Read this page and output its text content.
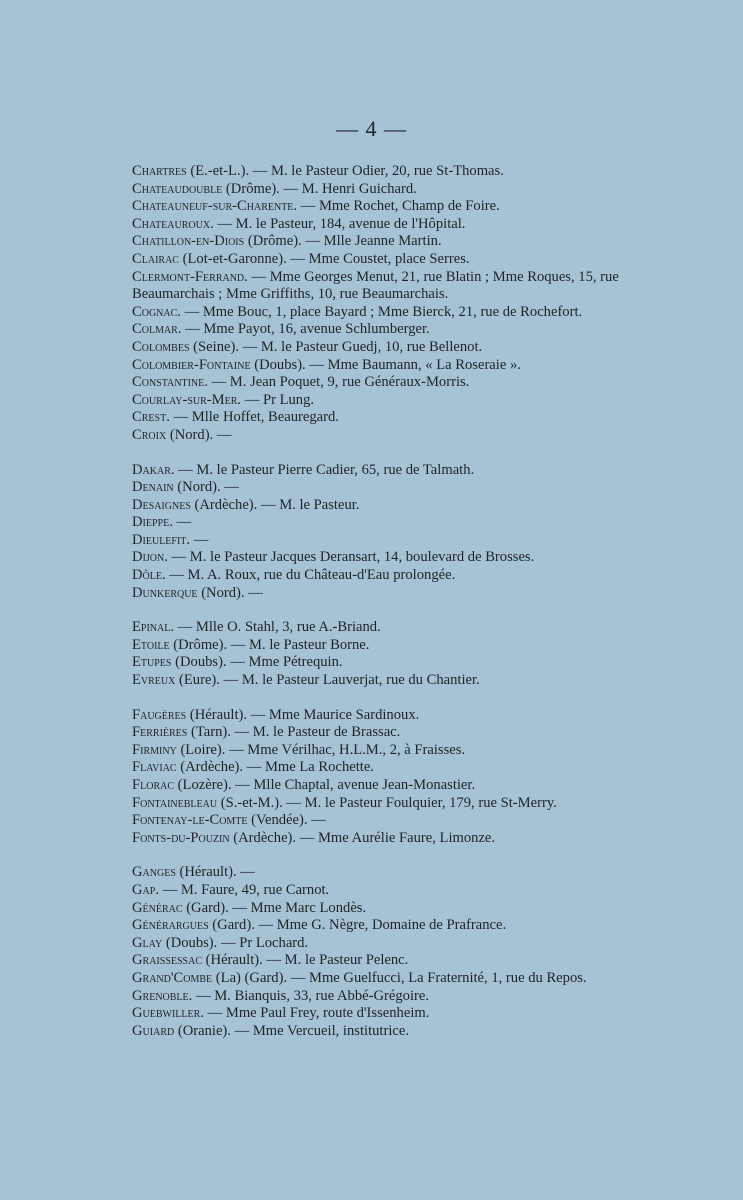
— 4 —

Chartres (E.-et-L.). — M. le Pasteur Odier, 20, rue St-Thomas.

Chateaudouble (Drôme). — M. Henri Guichard.

Chateauneuf-sur-Charente. — Mme Rochet, Champ de Foire.

Chateauroux. — M. le Pasteur, 184, avenue de l'Hôpital.

Chatillon-en-Diois (Drôme). — Mlle Jeanne Martin.

Clairac (Lot-et-Garonne). — Mme Coustet, place Serres.

Clermont-Ferrand. — Mme Georges Menut, 21, rue Blatin ; Mme Roques, 15, rue Beaumarchais ; Mme Griffiths, 10, rue Beaumarchais.

Cognac. — Mme Bouc, 1, place Bayard ; Mme Bierck, 21, rue de Rochefort.

Colmar. — Mme Payot, 16, avenue Schlumberger.

Colombes (Seine). — M. le Pasteur Guedj, 10, rue Bellenot.

Colombier-Fontaine (Doubs). — Mme Baumann, « La Roseraie ».

Constantine. — M. Jean Poquet, 9, rue Généraux-Morris.

Courlay-sur-Mer. — Pr Lung.

Crest. — Mlle Hoffet, Beauregard.

Croix (Nord). —

Dakar. — M. le Pasteur Pierre Cadier, 65, rue de Talmath.

Denain (Nord). —

Desaignes (Ardèche). — M. le Pasteur.

Dieppe. —

Dieulefit. —

Dijon. — M. le Pasteur Jacques Deransart, 14, boulevard de Brosses.

Dôle. — M. A. Roux, rue du Château-d'Eau prolongée.

Dunkerque (Nord). —

Epinal. — Mlle O. Stahl, 3, rue A.-Briand.

Etoile (Drôme). — M. le Pasteur Borne.

Etupes (Doubs). — Mme Pétrequin.

Evreux (Eure). — M. le Pasteur Lauverjat, rue du Chantier.

Faugères (Hérault). — Mme Maurice Sardinoux.

Ferrières (Tarn). — M. le Pasteur de Brassac.

Firminy (Loire). — Mme Vérilhac, H.L.M., 2, à Fraisses.

Flaviac (Ardèche). — Mme La Rochette.

Florac (Lozère). — Mlle Chaptal, avenue Jean-Monastier.

Fontainebleau (S.-et-M.). — M. le Pasteur Foulquier, 179, rue St-Merry.

Fontenay-le-Comte (Vendée). —

Fonts-du-Pouzin (Ardèche). — Mme Aurélie Faure, Limonze.

Ganges (Hérault). —

Gap. — M. Faure, 49, rue Carnot.

Générac (Gard). — Mme Marc Londès.

Générargues (Gard). — Mme G. Nègre, Domaine de Prafrance.

Glay (Doubs). — Pr Lochard.

Graissessac (Hérault). — M. le Pasteur Pelenc.

Grand'Combe (La) (Gard). — Mme Guelfucci, La Fraternité, 1, rue du Repos.

Grenoble. — M. Bianquis, 33, rue Abbé-Grégoire.

Guebwiller. — Mme Paul Frey, route d'Issenheim.

Guiard (Oranie). — Mme Vercueil, institutrice.
